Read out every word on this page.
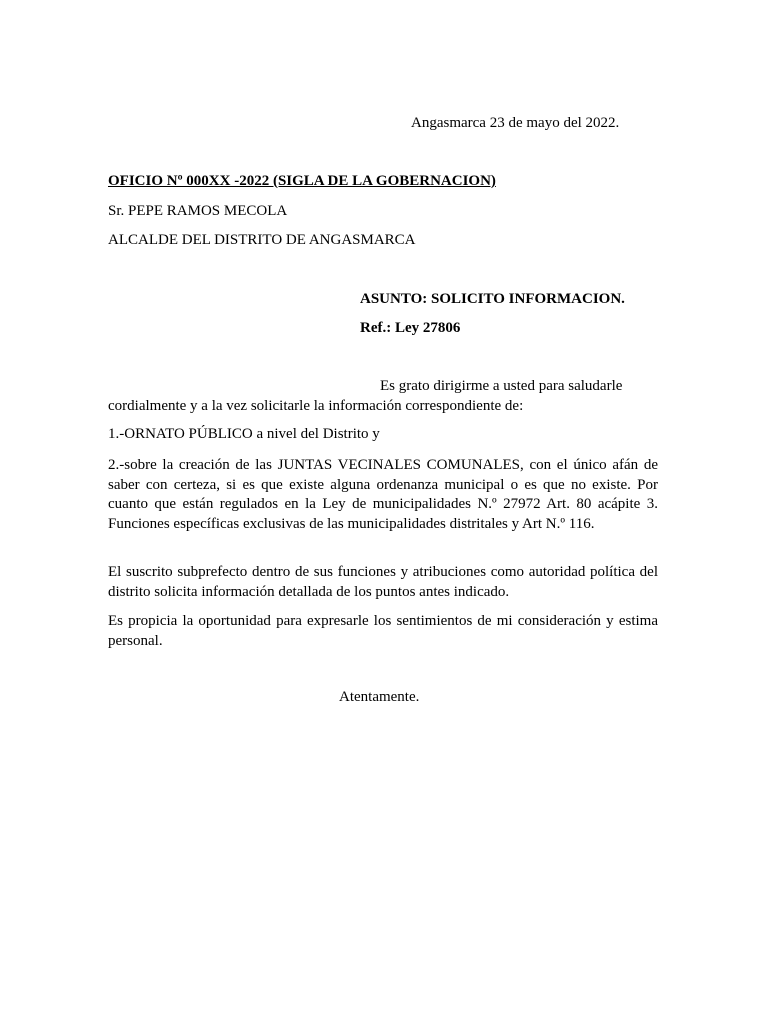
Angasmarca 23 de mayo del 2022.
OFICIO Nº 000XX -2022 (SIGLA DE LA GOBERNACION)
Sr. PEPE RAMOS MECOLA
ALCALDE DEL DISTRITO DE ANGASMARCA
ASUNTO: SOLICITO INFORMACION.
Ref.: Ley 27806

Es grato dirigirme a usted para saludarle
cordialmente y a la vez solicitarle la información correspondiente de:

1.-ORNATO PÚBLICO a nivel del Distrito y

2.-sobre la creación de las JUNTAS VECINALES COMUNALES, con el único afán de saber con certeza, si es que existe alguna ordenanza municipal o es que no existe. Por cuanto que están regulados en la Ley de municipalidades N.º 27972 Art. 80 acápite 3. Funciones específicas exclusivas de las municipalidades distritales y Art N.º 116.

El suscrito subprefecto dentro de sus funciones y atribuciones como autoridad política del distrito solicita información detallada de los puntos antes indicado.

Es propicia la oportunidad para expresarle los sentimientos de mi consideración y estima personal.

Atentamente.
